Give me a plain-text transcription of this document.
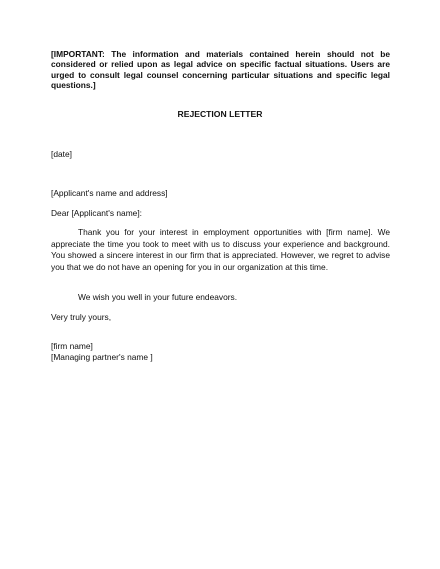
[IMPORTANT: The information and materials contained herein should not be considered or relied upon as legal advice on specific factual situations. Users are urged to consult legal counsel concerning particular situations and specific legal questions.]
REJECTION LETTER
[date]
[Applicant's name and address]
Dear [Applicant's name]:
Thank you for your interest in employment opportunities with [firm name]. We appreciate the time you took to meet with us to discuss your experience and background. You showed a sincere interest in our firm that is appreciated. However, we regret to advise you that we do not have an opening for you in our organization at this time.
We wish you well in your future endeavors.
Very truly yours,
[firm name]
[Managing partner's name ]
